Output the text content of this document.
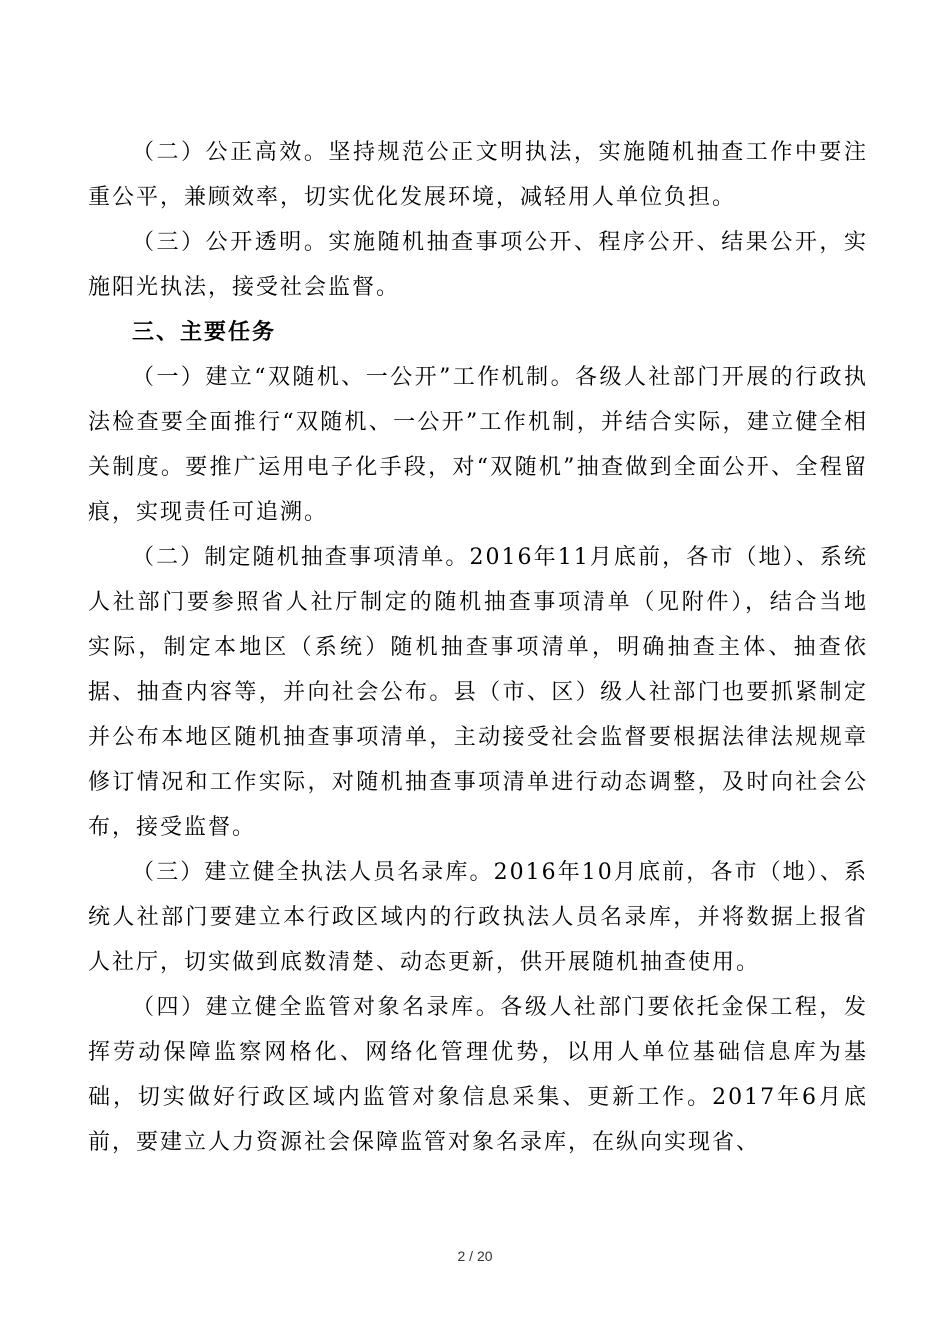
（二）公正高效。坚持规范公正文明执法，实施随机抽查工作中要注重公平，兼顾效率，切实优化发展环境，减轻用人单位负担。

（三）公开透明。实施随机抽查事项公开、程序公开、结果公开，实施阳光执法，接受社会监督。

三、主要任务

（一）建立“双随机、一公开”工作机制。各级人社部门开展的行政执法检查要全面推行“双随机、一公开”工作机制，并结合实际，建立健全相关制度。要推广运用电子化手段，对“双随机”抽查做到全面公开、全程留痕，实现责任可追溯。

（二）制定随机抽查事项清单。2016年11月底前，各市（地）、系统人社部门要参照省人社厅制定的随机抽查事项清单（见附件），结合当地实际，制定本地区（系统）随机抽查事项清单，明确抽查主体、抽查依据、抽查内容等，并向社会公布。县（市、区）级人社部门也要抓紧制定并公布本地区随机抽查事项清单，主动接受社会监督要根据法律法规规章修订情况和工作实际，对随机抽查事项清单进行动态调整，及时向社会公布，接受监督。

（三）建立健全执法人员名录库。2016年10月底前，各市（地）、系统人社部门要建立本行政区域内的行政执法人员名录库，并将数据上报省人社厅，切实做到底数清楚、动态更新，供开展随机抽查使用。

（四）建立健全监管对象名录库。各级人社部门要依托金保工程，发挥劳动保障监察网格化、网络化管理优势，以用人单位基础信息库为基础，切实做好行政区域内监管对象信息采集、更新工作。2017年6月底前，要建立人力资源社会保障监管对象名录库，在纵向实现省、

2 / 20
